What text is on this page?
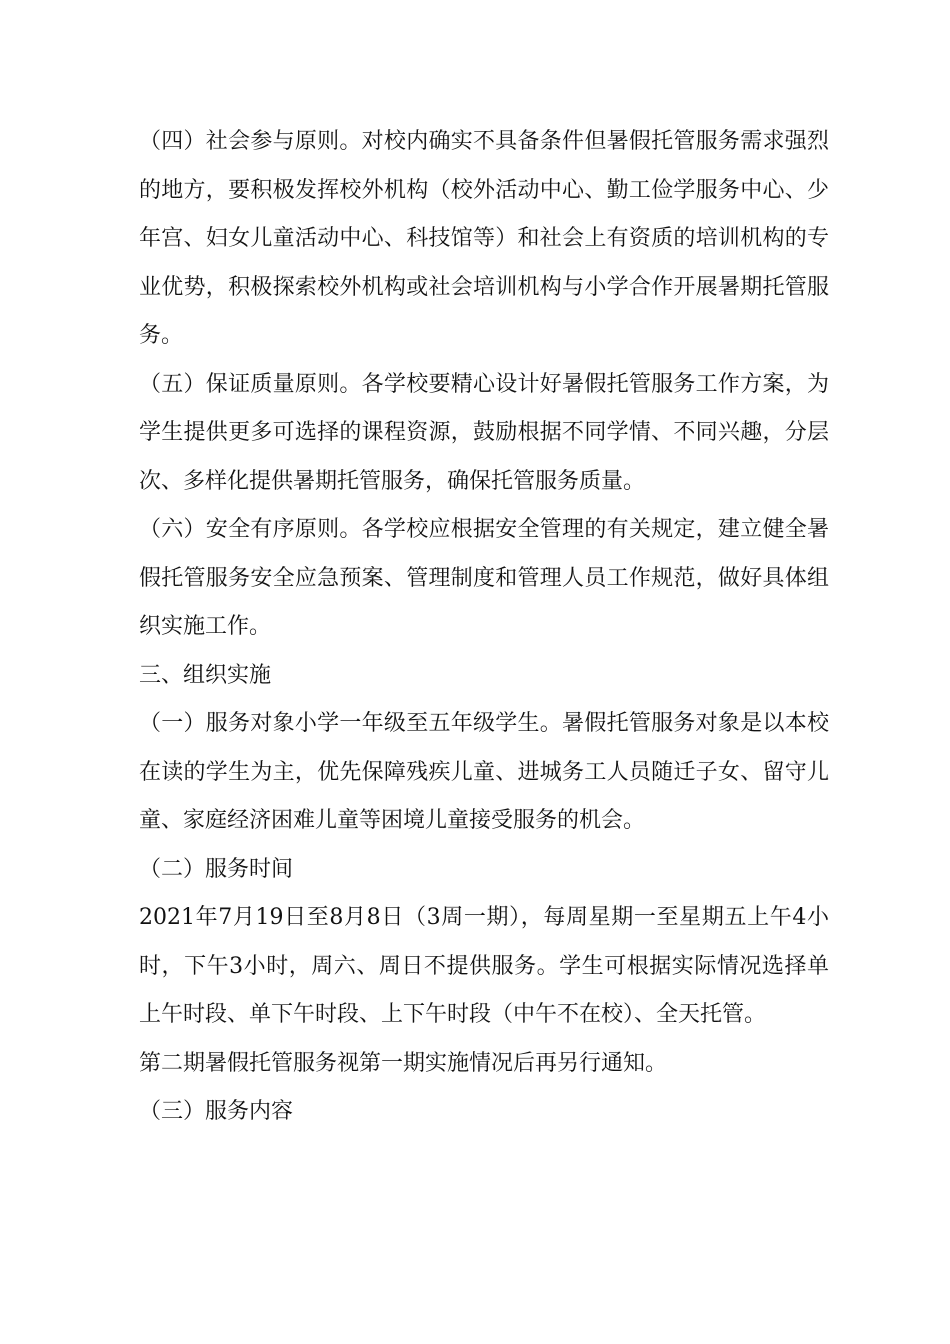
（四）社会参与原则。对校内确实不具备条件但暑假托管服务需求强烈的地方，要积极发挥校外机构（校外活动中心、勤工俭学服务中心、少年宫、妇女儿童活动中心、科技馆等）和社会上有资质的培训机构的专业优势，积极探索校外机构或社会培训机构与小学合作开展暑期托管服务。

（五）保证质量原则。各学校要精心设计好暑假托管服务工作方案，为学生提供更多可选择的课程资源，鼓励根据不同学情、不同兴趣，分层次、多样化提供暑期托管服务，确保托管服务质量。

（六）安全有序原则。各学校应根据安全管理的有关规定，建立健全暑假托管服务安全应急预案、管理制度和管理人员工作规范，做好具体组织实施工作。

三、组织实施

（一）服务对象小学一年级至五年级学生。暑假托管服务对象是以本校在读的学生为主，优先保障残疾儿童、进城务工人员随迁子女、留守儿童、家庭经济困难儿童等困境儿童接受服务的机会。

（二）服务时间

2021年7月19日至8月8日（3周一期），每周星期一至星期五上午4小时，下午3小时，周六、周日不提供服务。学生可根据实际情况选择单上午时段、单下午时段、上下午时段（中午不在校）、全天托管。

第二期暑假托管服务视第一期实施情况后再另行通知。

（三）服务内容
